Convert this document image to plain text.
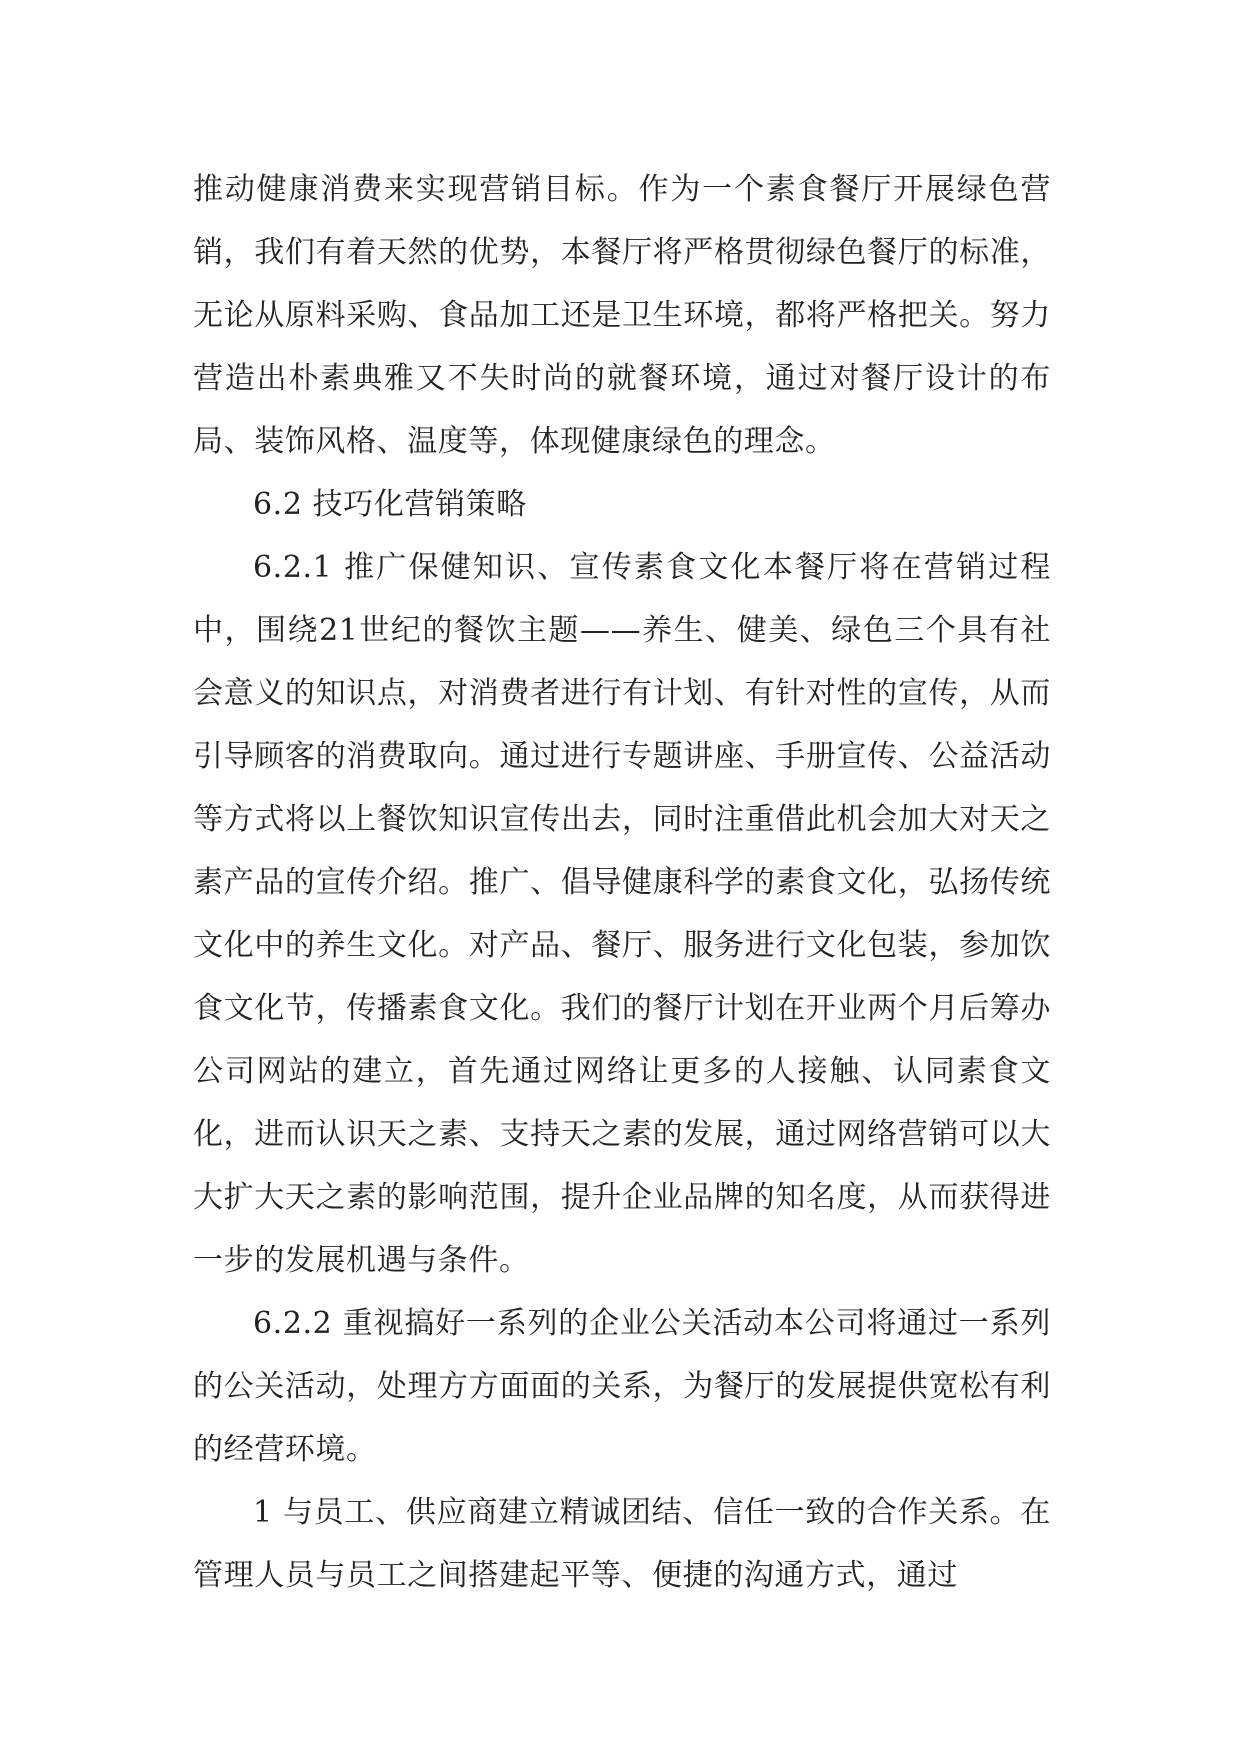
推动健康消费来实现营销目标。作为一个素食餐厅开展绿色营销，我们有着天然的优势，本餐厅将严格贯彻绿色餐厅的标准，无论从原料采购、食品加工还是卫生环境，都将严格把关。努力营造出朴素典雅又不失时尚的就餐环境，通过对餐厅设计的布局、装饰风格、温度等，体现健康绿色的理念。

6.2 技巧化营销策略

6.2.1 推广保健知识、宣传素食文化本餐厅将在营销过程中，围绕21世纪的餐饮主题——养生、健美、绿色三个具有社会意义的知识点，对消费者进行有计划、有针对性的宣传，从而引导顾客的消费取向。通过进行专题讲座、手册宣传、公益活动等方式将以上餐饮知识宣传出去，同时注重借此机会加大对天之素产品的宣传介绍。推广、倡导健康科学的素食文化，弘扬传统文化中的养生文化。对产品、餐厅、服务进行文化包装，参加饮食文化节，传播素食文化。我们的餐厅计划在开业两个月后筹办公司网站的建立，首先通过网络让更多的人接触、认同素食文化，进而认识天之素、支持天之素的发展，通过网络营销可以大大扩大天之素的影响范围，提升企业品牌的知名度，从而获得进一步的发展机遇与条件。

6.2.2 重视搞好一系列的企业公关活动本公司将通过一系列的公关活动，处理方方面面的关系，为餐厅的发展提供宽松有利的经营环境。

1 与员工、供应商建立精诚团结、信任一致的合作关系。在管理人员与员工之间搭建起平等、便捷的沟通方式，通过
